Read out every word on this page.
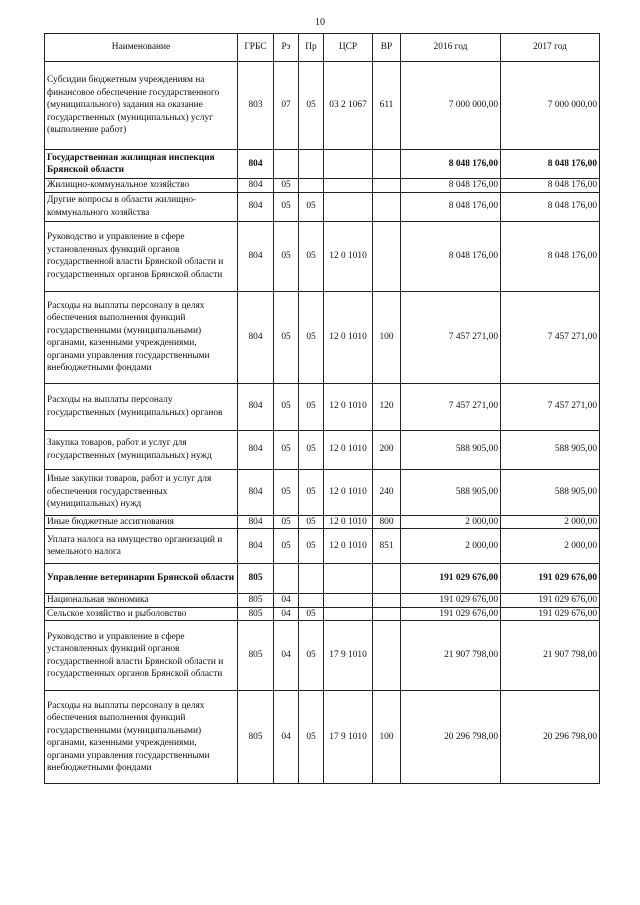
10
Наименование	ГРБС	Рз	Пр	ЦСР	ВР	2016 год	2017 год
Субсидии бюджетным учреждениям на финансовое обеспечение государственного (муниципального) задания на оказание государственных (муниципальных) услуг (выполнение работ)	803	07	05	03 2 1067	611	7 000 000,00	7 000 000,00
Государственная жилищная инспекция Брянской области	804					8 048 176,00	8 048 176,00
Жилищно-коммунальное хозяйство	804	05				8 048 176,00	8 048 176,00
Другие вопросы в области жилищно-коммунального хозяйства	804	05	05			8 048 176,00	8 048 176,00
Руководство и управление в сфере установленных функций органов государственной власти Брянской области и государственных органов Брянской области	804	05	05	12 0 1010		8 048 176,00	8 048 176,00
Расходы на выплаты персоналу в целях обеспечения выполнения функций государственными (муниципальными) органами, казенными учреждениями, органами управления государственными внебюджетными фондами	804	05	05	12 0 1010	100	7 457 271,00	7 457 271,00
Расходы на выплаты персоналу государственных (муниципальных) органов	804	05	05	12 0 1010	120	7 457 271,00	7 457 271,00
Закупка товаров, работ и услуг для государственных (муниципальных) нужд	804	05	05	12 0 1010	200	588 905,00	588 905,00
Иные закупки товаров, работ и услуг для обеспечения государственных (муниципальных) нужд	804	05	05	12 0 1010	240	588 905,00	588 905,00
Иные бюджетные ассигнования	804	05	05	12 0 1010	800	2 000,00	2 000,00
Уплата налога на имущество организаций и земельного налога	804	05	05	12 0 1010	851	2 000,00	2 000,00
Управление ветеринарии Брянской области	805					191 029 676,00	191 029 676,00
Национальная экономика	805	04				191 029 676,00	191 029 676,00
Сельское хозяйство и рыболовство	805	04	05			191 029 676,00	191 029 676,00
Руководство и управление в сфере установленных функций органов государственной власти Брянской области и государственных органов Брянской области	805	04	05	17 9 1010		21 907 798,00	21 907 798,00
Расходы на выплаты персоналу в целях обеспечения выполнения функций государственными (муниципальными) органами, казенными учреждениями, органами управления государственными внебюджетными фондами	805	04	05	17 9 1010	100	20 296 798,00	20 296 798,00
